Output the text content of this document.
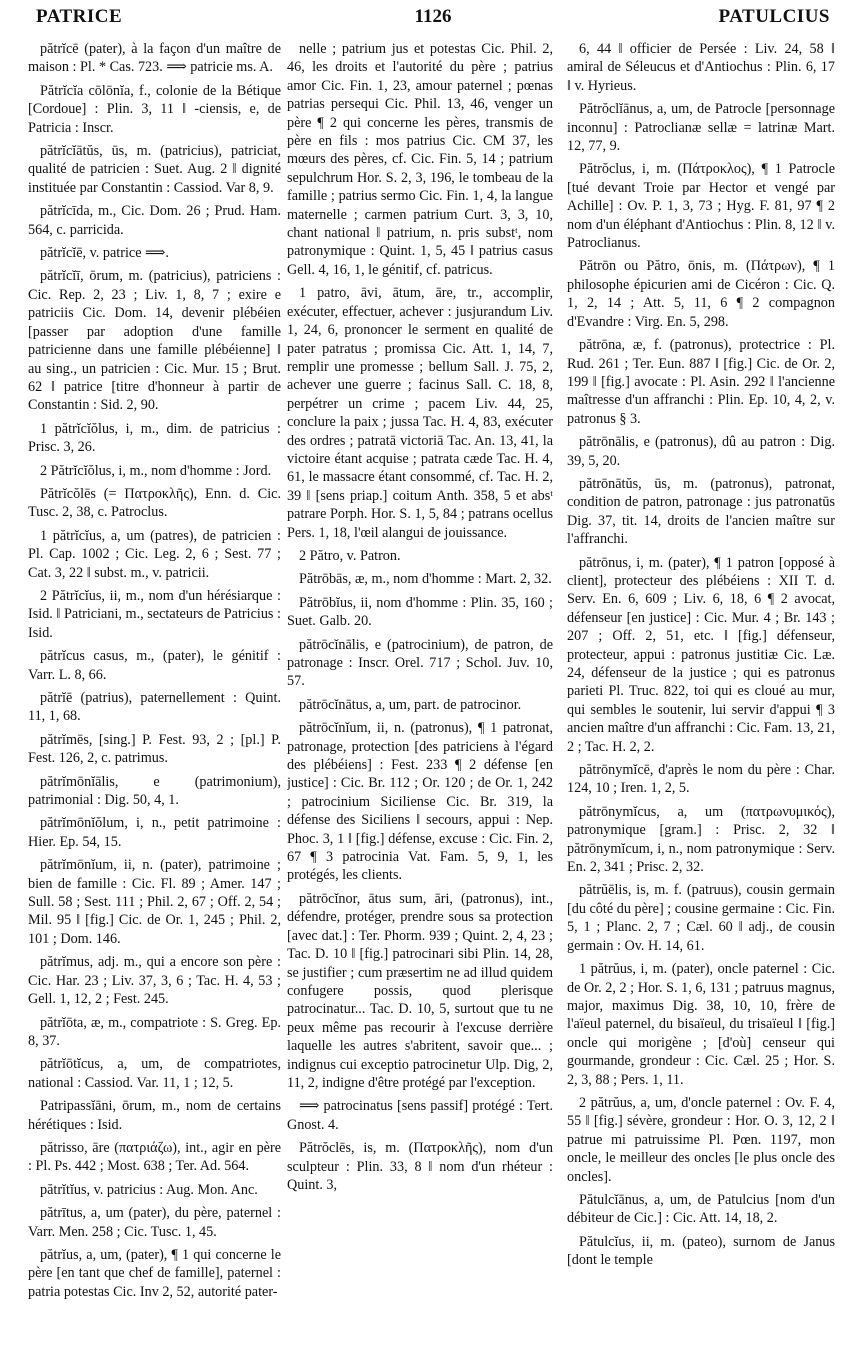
PATRICE	1126	PATULCIUS

pătrĭcē (pater), à la façon d'un maître de maison : Pl. * Cas. 723. ⟹ patricie ms. A.

Pătrĭcĭa cōlōnĭa, f., colonie de la Bétique [Cordoue] : Plin. 3, 11 ‖ -ciensis, e, de Patricia : Inscr.

pătrĭcĭātŭs, ūs, m. (patricius), patriciat, qualité de patricien : Suet. Aug. 2 ‖ dignité instituée par Constantin : Cassiod. Var 8, 9.

pătrĭcīda, m., Cic. Dom. 26 ; Prud. Ham. 564, c. parricida.

pătrĭcĭē, v. patrice ⟹.

pătrĭcĭī, ōrum, m. (patricius), patriciens : Cic. Rep. 2, 23 ; Liv. 1, 8, 7 ; exire e patriciis Cic. Dom. 14, devenir plébéien [passer par adoption d'une famille patricienne dans une famille plébéienne] ‖ au sing., un patricien : Cic. Mur. 15 ; Brut. 62 ‖ patrice [titre d'honneur à partir de Constantin : Sid. 2, 90.

1 pătrĭcĭŏlus, i, m., dim. de patricius : Prisc. 3, 26.

2 Pătrĭcĭŏlus, i, m., nom d'homme : Jord.

Pătrĭcŏlēs (= Πατροκλῆς), Enn. d. Cic. Tusc. 2, 38, c. Patroclus.

1 pătrĭcĭus, a, um (patres), de patricien : Pl. Cap. 1002 ; Cic. Leg. 2, 6 ; Sest. 77 ; Cat. 3, 22 ‖ subst. m., v. patricii.

2 Pătrĭcĭus, ii, m., nom d'un hérésiarque : Isid. ‖ Patriciani, m., sectateurs de Patricius : Isid.

pătrĭcus casus, m., (pater), le génitif : Varr. L. 8, 66.

pătrĭē (patrius), paternellement : Quint. 11, 1, 68.

pătrĭmēs, [sing.] P. Fest. 93, 2 ; [pl.] P. Fest. 126, 2, c. patrimus.

pătrĭmōnĭālis, e (patrimonium), patrimonial : Dig. 50, 4, 1.

pătrĭmōnĭŏlum, i, n., petit patrimoine : Hier. Ep. 54, 15.

pătrĭmōnĭum, ii, n. (pater), patrimoine ; bien de famille : Cic. Fl. 89 ; Amer. 147 ; Sull. 58 ; Sest. 111 ; Phil. 2, 67 ; Off. 2, 54 ; Mil. 95 ‖ [fig.] Cic. de Or. 1, 245 ; Phil. 2, 101 ; Dom. 146.

pătrĭmus, adj. m., qui a encore son père : Cic. Har. 23 ; Liv. 37, 3, 6 ; Tac. H. 4, 53 ; Gell. 1, 12, 2 ; Fest. 245.

pătrĭōta, æ, m., compatriote : S. Greg. Ep. 8, 37.

pătrĭōtĭcus, a, um, de compatriotes, national : Cassiod. Var. 11, 1 ; 12, 5.

Patripassĭāni, ōrum, m., nom de certains hérétiques : Isid.

pătrisso, āre (πατριάζω), int., agir en père : Pl. Ps. 442 ; Most. 638 ; Ter. Ad. 564.

pătrĭtĭus, v. patricius : Aug. Mon. Anc.

pătrītus, a, um (pater), du père, paternel : Varr. Men. 258 ; Cic. Tusc. 1, 45.

pătrĭus, a, um, (pater), ¶ 1 qui concerne le père [en tant que chef de famille], paternel : patria potestas Cic. Inv 2, 52, autorité pater-

nelle ; patrium jus et potestas Cic. Phil. 2, 46, les droits et l'autorité du père ; patrius amor Cic. Fin. 1, 23, amour paternel ; pœnas patrias persequi Cic. Phil. 13, 46, venger un père ¶ 2 qui concerne les pères, transmis de père en fils : mos patrius Cic. CM 37, les mœurs des pères, cf. Cic. Fin. 5, 14 ; patrium sepulchrum Hor. S. 2, 3, 196, le tombeau de la famille ; patrius sermo Cic. Fin. 1, 4, la langue maternelle ; carmen patrium Curt. 3, 3, 10, chant national ‖ patrium, n. pris substᵗ, nom patronymique : Quint. 1, 5, 45 ‖ patrius casus Gell. 4, 16, 1, le génitif, cf. patricus.

1 patro, āvi, ātum, āre, tr., accomplir, exécuter, effectuer, achever : jusjurandum Liv. 1, 24, 6, prononcer le serment en qualité de pater patratus ; promissa Cic. Att. 1, 14, 7, remplir une promesse ; bellum Sall. J. 75, 2, achever une guerre ; facinus Sall. C. 18, 8, perpétrer un crime ; pacem Liv. 44, 25, conclure la paix ; jussa Tac. H. 4, 83, exécuter des ordres ; patratā victoriā Tac. An. 13, 41, la victoire étant acquise ; patrata cæde Tac. H. 4, 61, le massacre étant consommé, cf. Tac. H. 2, 39 ‖ [sens priap.] coitum Anth. 358, 5 et absᵗ patrare Porph. Hor. S. 1, 5, 84 ; patrans ocellus Pers. 1, 18, l'œil alangui de jouissance.

2 Pătro, v. Patron.

Pătrōbās, æ, m., nom d'homme : Mart. 2, 32.

Pătrōbĭus, ii, nom d'homme : Plin. 35, 160 ; Suet. Galb. 20.

pătrōcĭnālis, e (patrocinium), de patron, de patronage : Inscr. Orel. 717 ; Schol. Juv. 10, 57.

pătrōcĭnātus, a, um, part. de patrocinor.

pătrōcĭnĭum, ii, n. (patronus), ¶ 1 patronat, patronage, protection [des patriciens à l'égard des plébéiens] : Fest. 233 ¶ 2 défense [en justice] : Cic. Br. 112 ; Or. 120 ; de Or. 1, 242 ; patrocinium Siciliense Cic. Br. 319, la défense des Siciliens ‖ secours, appui : Nep. Phoc. 3, 1 ‖ [fig.] défense, excuse : Cic. Fin. 2, 67 ¶ 3 patrocinia Vat. Fam. 5, 9, 1, les protégés, les clients.

pătrōcĭnor, ātus sum, āri, (patronus), int., défendre, protéger, prendre sous sa protection [avec dat.] : Ter. Phorm. 939 ; Quint. 2, 4, 23 ; Tac. D. 10 ‖ [fig.] patrocinari sibi Plin. 14, 28, se justifier ; cum præsertim ne ad illud quidem confugere possis, quod plerisque patrocinatur... Tac. D. 10, 5, surtout que tu ne peux même pas recourir à l'excuse derrière laquelle les autres s'abritent, savoir que... ; indignus cui exceptio patrocinetur Ulp. Dig, 2, 11, 2, indigne d'être protégé par l'exception.

⟹ patrocinatus [sens passif] protégé : Tert. Gnost. 4.

Pătrŏclēs, is, m. (Πατροκλῆς), nom d'un sculpteur : Plin. 33, 8 ‖ nom d'un rhéteur : Quint. 3,

6, 44 ‖ officier de Persée : Liv. 24, 58 ‖ amiral de Séleucus et d'Antiochus : Plin. 6, 17 ‖ v. Hyrieus.

Pătrŏclĭānus, a, um, de Patrocle [personnage inconnu] : Patroclianæ sellæ = latrinæ Mart. 12, 77, 9.

Pătrŏclus, i, m. (Πάτροκλος), ¶ 1 Patrocle [tué devant Troie par Hector et vengé par Achille] : Ov. P. 1, 3, 73 ; Hyg. F. 81, 97 ¶ 2 nom d'un éléphant d'Antiochus : Plin. 8, 12 ‖ v. Patroclianus.

Pătrōn ou Pătro, ōnis, m. (Πάτρων), ¶ 1 philosophe épicurien ami de Cicéron : Cic. Q. 1, 2, 14 ; Att. 5, 11, 6 ¶ 2 compagnon d'Evandre : Virg. En. 5, 298.

pătrōna, æ, f. (patronus), protectrice : Pl. Rud. 261 ; Ter. Eun. 887 ‖ [fig.] Cic. de Or. 2, 199 ‖ [fig.] avocate : Pl. Asin. 292 ‖ l'ancienne maîtresse d'un affranchi : Plin. Ep. 10, 4, 2, v. patronus § 3.

pătrōnālis, e (patronus), dû au patron : Dig. 39, 5, 20.

pătrōnātŭs, ūs, m. (patronus), patronat, condition de patron, patronage : jus patronatūs Dig. 37, tit. 14, droits de l'ancien maître sur l'affranchi.

pătrōnus, i, m. (pater), ¶ 1 patron [opposé à client], protecteur des plébéiens : XII T. d. Serv. En. 6, 609 ; Liv. 6, 18, 6 ¶ 2 avocat, défenseur [en justice] : Cic. Mur. 4 ; Br. 143 ; 207 ; Off. 2, 51, etc. ‖ [fig.] défenseur, protecteur, appui : patronus justitiæ Cic. Læ. 24, défenseur de la justice ; qui es patronus parieti Pl. Truc. 822, toi qui es cloué au mur, qui sembles le soutenir, lui servir d'appui ¶ 3 ancien maître d'un affranchi : Cic. Fam. 13, 21, 2 ; Tac. H. 2, 2.

pătrōnymĭcē, d'après le nom du père : Char. 124, 10 ; Iren. 1, 2, 5.

pătrōnymĭcus, a, um (πατρωνυμικός), patronymique [gram.] : Prisc. 2, 32 ‖ pătrōnymĭcum, i, n., nom patronymique : Serv. En. 2, 341 ; Prisc. 2, 32.

pătrŭēlis, is, m. f. (patruus), cousin germain [du côté du père] ; cousine germaine : Cic. Fin. 5, 1 ; Planc. 2, 7 ; Cæl. 60 ‖ adj., de cousin germain : Ov. H. 14, 61.

1 pătrŭus, i, m. (pater), oncle paternel : Cic. de Or. 2, 2 ; Hor. S. 1, 6, 131 ; patruus magnus, major, maximus Dig. 38, 10, 10, frère de l'aïeul paternel, du bisaïeul, du trisaïeul ‖ [fig.] oncle qui morigène ; [d'où] censeur qui gourmande, grondeur : Cic. Cæl. 25 ; Hor. S. 2, 3, 88 ; Pers. 1, 11.

2 pătrŭus, a, um, d'oncle paternel : Ov. F. 4, 55 ‖ [fig.] sévère, grondeur : Hor. O. 3, 12, 2 ‖ patrue mi patruissime Pl. Pœn. 1197, mon oncle, le meilleur des oncles [le plus oncle des oncles].

Pătulcĭānus, a, um, de Patulcius [nom d'un débiteur de Cic.] : Cic. Att. 14, 18, 2.

Pătulcĭus, ii, m. (pateo), surnom de Janus [dont le temple
